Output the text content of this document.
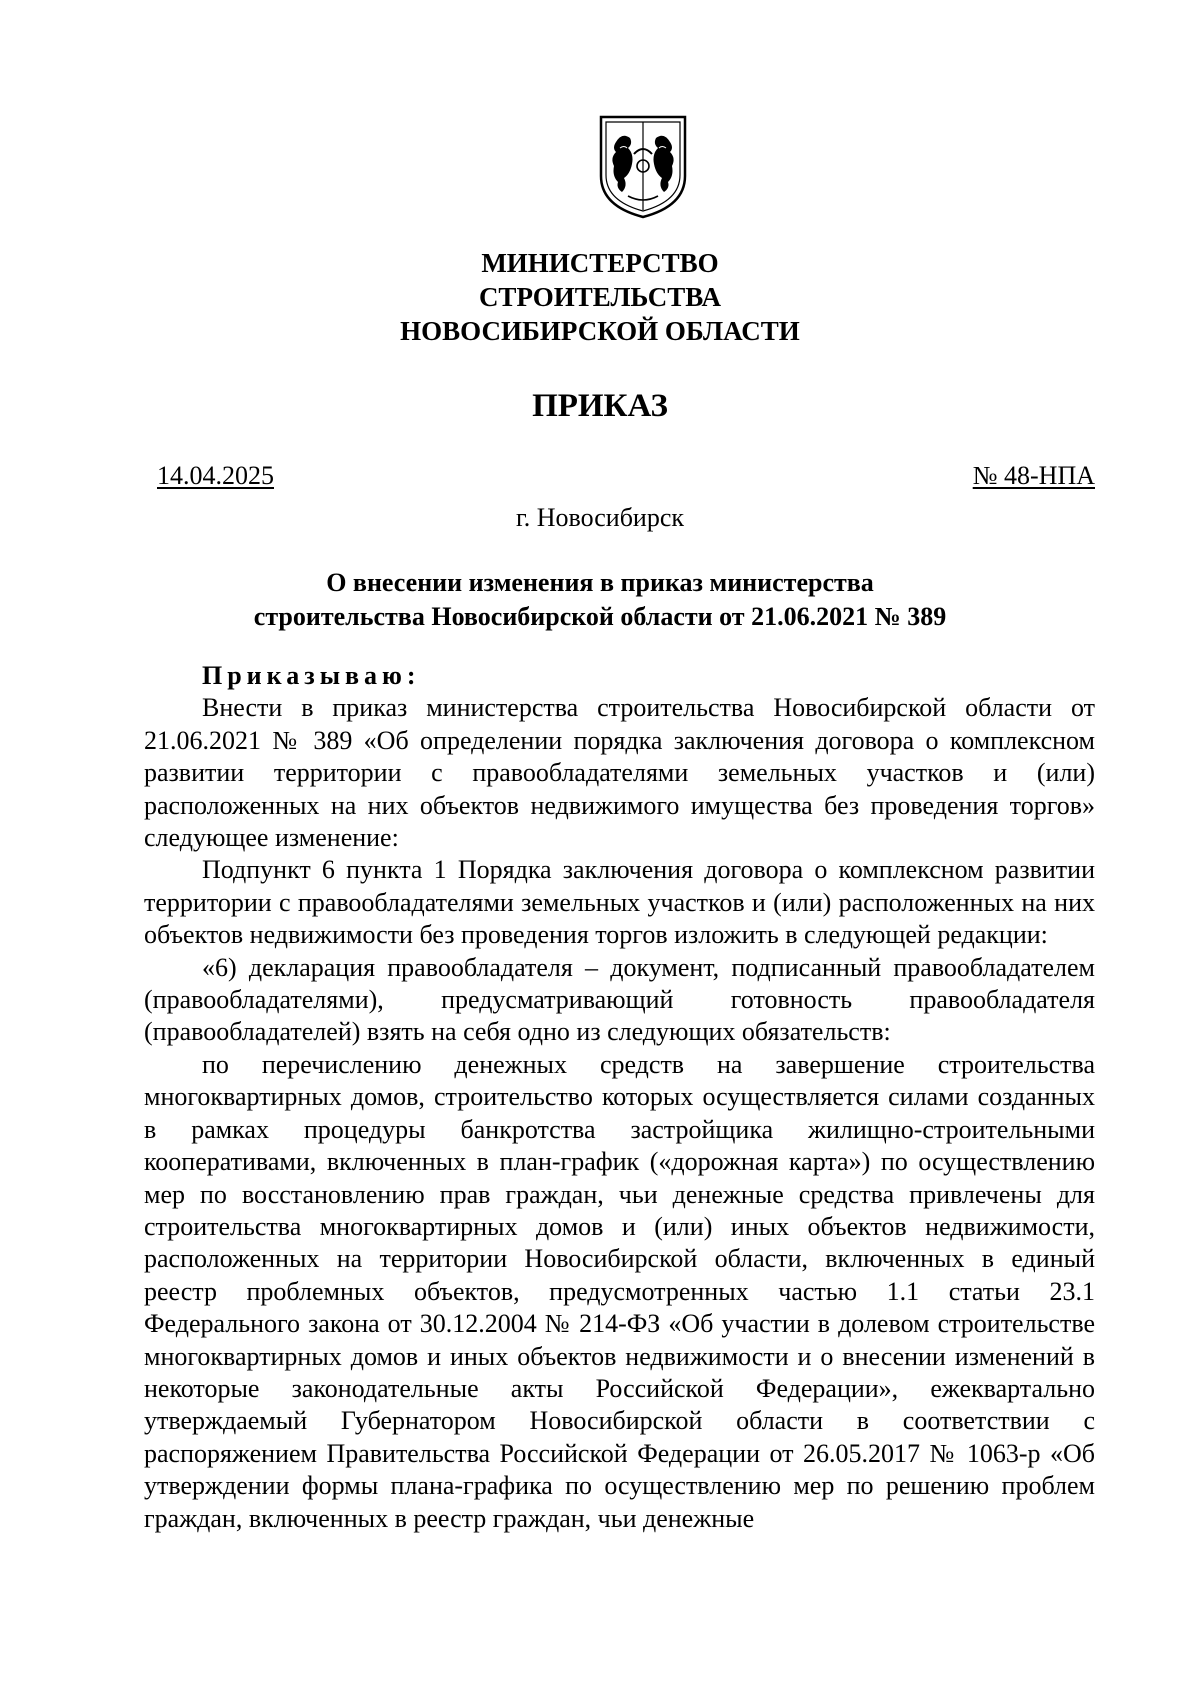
МИНИСТЕРСТВО
СТРОИТЕЛЬСТВА
НОВОСИБИРСКОЙ ОБЛАСТИ
ПРИКАЗ
14.04.2025	№ 48-НПА
г. Новосибирск
О внесении изменения в приказ министерства
строительства Новосибирской области от 21.06.2021 № 389

Приказываю:

Внести в приказ министерства строительства Новосибирской области от 21.06.2021 № 389 «Об определении порядка заключения договора о комплексном развитии территории с правообладателями земельных участков и (или) расположенных на них объектов недвижимого имущества без проведения торгов» следующее изменение:

Подпункт 6 пункта 1 Порядка заключения договора о комплексном развитии территории с правообладателями земельных участков и (или) расположенных на них объектов недвижимости без проведения торгов изложить в следующей редакции:

«6) декларация правообладателя – документ, подписанный правообладателем (правообладателями), предусматривающий готовность правообладателя (правообладателей) взять на себя одно из следующих обязательств:

по перечислению денежных средств на завершение строительства многоквартирных домов, строительство которых осуществляется силами созданных в рамках процедуры банкротства застройщика жилищно-строительными кооперативами, включенных в план-график («дорожная карта») по осуществлению мер по восстановлению прав граждан, чьи денежные средства привлечены для строительства многоквартирных домов и (или) иных объектов недвижимости, расположенных на территории Новосибирской области, включенных в единый реестр проблемных объектов, предусмотренных частью 1.1 статьи 23.1 Федерального закона от 30.12.2004 № 214-ФЗ «Об участии в долевом строительстве многоквартирных домов и иных объектов недвижимости и о внесении изменений в некоторые законодательные акты Российской Федерации», ежеквартально утверждаемый Губернатором Новосибирской области в соответствии с распоряжением Правительства Российской Федерации от 26.05.2017 № 1063-р «Об утверждении формы плана-графика по осуществлению мер по решению проблем граждан, включенных в реестр граждан, чьи денежные
